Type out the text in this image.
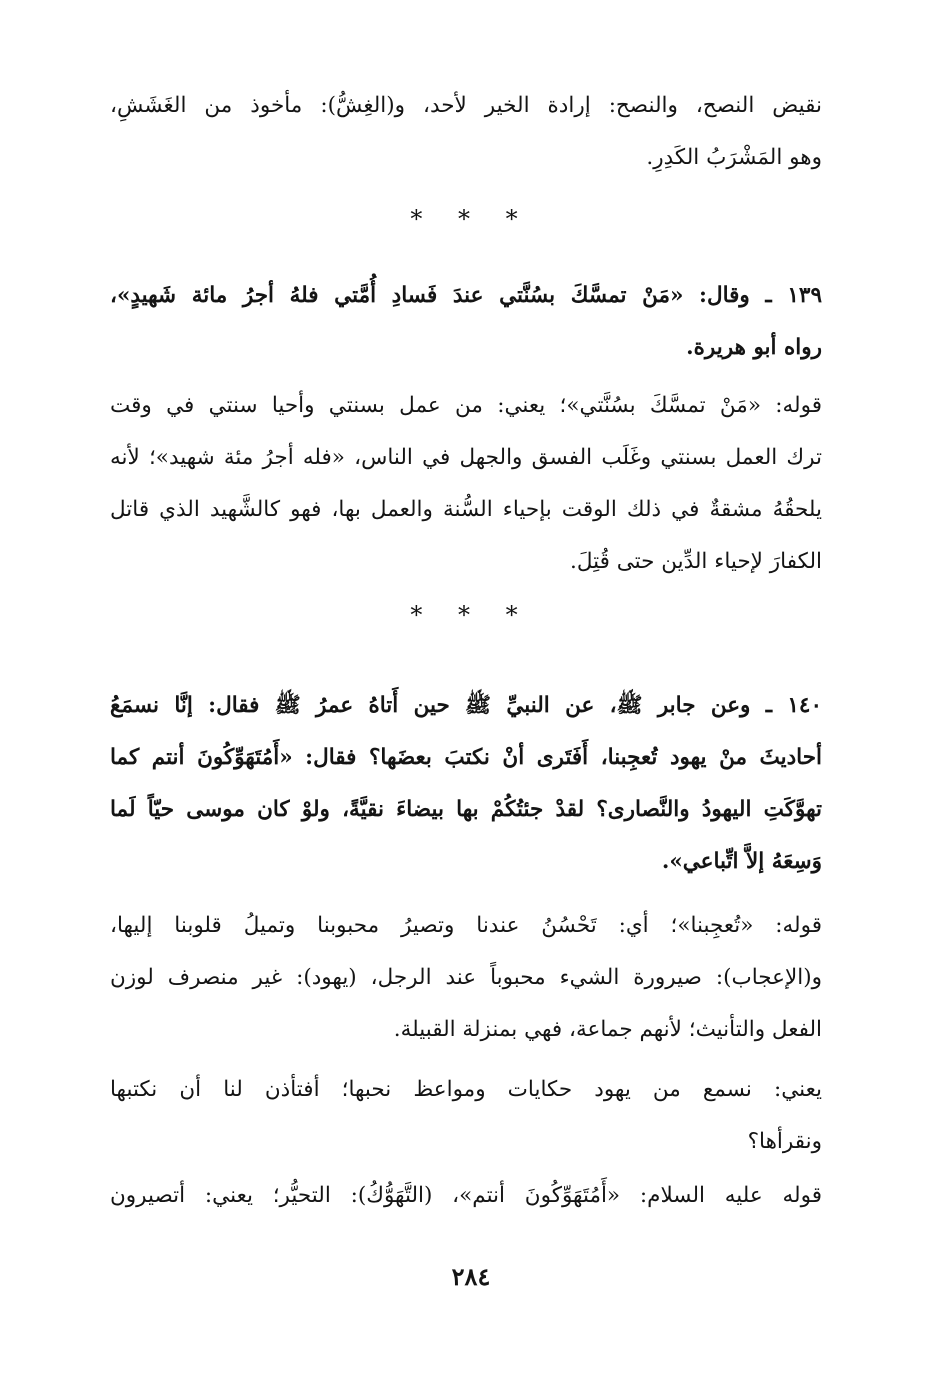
نقيض النصح، والنصح: إرادة الخير لأحد، و(الغِشُّ): مأخوذ من الغَشَشِ،
وهو المَشْرَبُ الكَدِرِ.
* * *
١٣٩ ـ وقال: «مَنْ تمسَّكَ بسُنَّتي عندَ فَسادِ أُمَّتي فلهُ أجرُ مائة شَهيدٍ»،
رواه أبو هريرة.
قوله: «مَنْ تمسَّكَ بسُنَّتي»؛ يعني: من عمل بسنتي وأحيا سنتي في وقت
ترك العمل بسنتي وغَلَب الفسق والجهل في الناس، «فله أجرُ مئة شهيد»؛ لأنه
يلحقُهُ مشقةٌ في ذلك الوقت بإحياء السُّنة والعمل بها، فهو كالشَّهيد الذي قاتل
الكفارَ لإحياء الدِّين حتى قُتِلَ.
* * *
١٤٠ ـ وعن جابر ﷺ، عن النبيِّ ﷺ حين أَتاهُ عمرُ ﷺ فقال: إنَّا نسمَعُ
أحاديثَ منْ يهود تُعجِبنا، أَفَتَرى أنْ نكتبَ بعضَها؟ فقال: «أَمُتَهَوِّكُونَ أنتم كما
تهوَّكَتِ اليهودُ والنَّصارى؟ لقدْ جئتُكُمْ بها بيضاءَ نقيَّةً، ولوْ كان موسى حيّاً لَما
وَسِعَهُ إلاَّ اتِّباعي».
قوله: «تُعجِبنا»؛ أي: تَحْسُنُ عندنا وتصيرُ محبوبنا وتميلُ قلوبنا إليها،
و(الإعجاب): صيرورة الشيء محبوباً عند الرجل، (يهود): غير منصرف لوزن
الفعل والتأنيث؛ لأنهم جماعة، فهي بمنزلة القبيلة.
يعني: نسمع من يهود حكايات ومواعظ نحبها؛ أفتأذن لنا أن نكتبها
ونقرأها؟
قوله عليه السلام: «أَمُتَهَوِّكُونَ أنتم»، (التَّهَوُّكُ): التحيُّر؛ يعني: أتصيرون
٢٨٤
